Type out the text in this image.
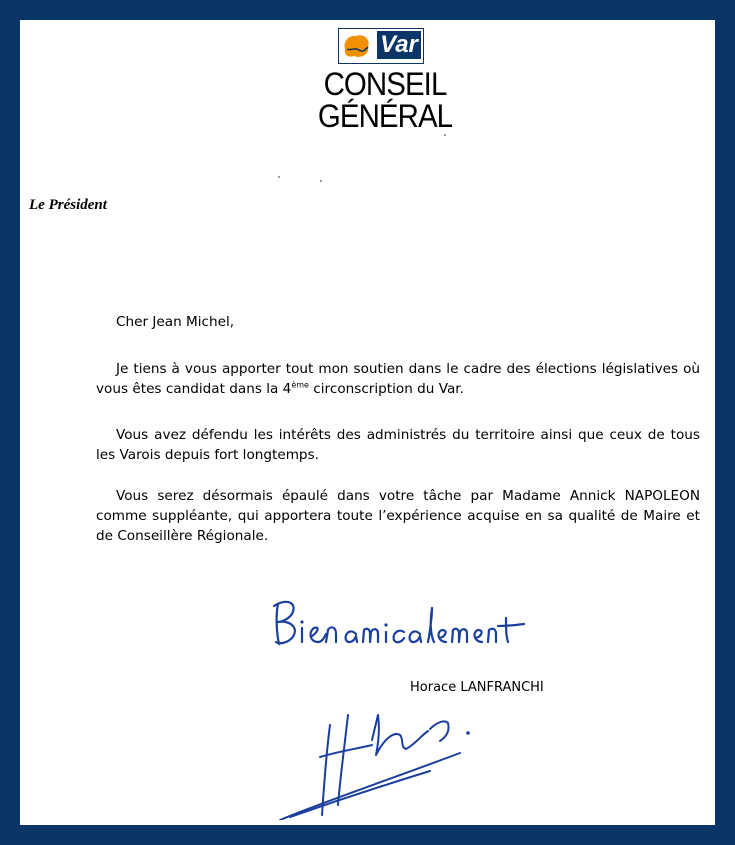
Var
CONSEIL
GÉNÉRAL
Le Président
Cher Jean Michel,
Je tiens à vous apporter tout mon soutien dans le cadre des élections législatives où vous êtes candidat dans la 4ème circonscription du Var.
Vous avez défendu les intérêts des administrés du territoire ainsi que ceux de tous les Varois depuis fort longtemps.
Vous serez désormais épaulé dans votre tâche par Madame Annick NAPOLEON comme suppléante, qui apportera toute l’expérience acquise en sa qualité de Maire et de Conseillère Régionale.
Horace LANFRANCHI
